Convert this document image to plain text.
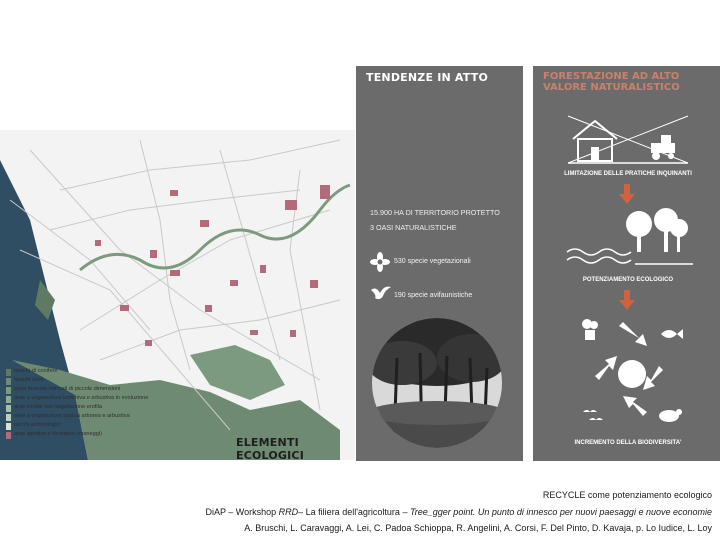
boschi di conifere
boschi misti
zone boscate naturali di piccole dimensioni
aree a vegetazione boschiva e arbustiva in evoluzione
aree incolte con vegetazione erofila
aree a vegetazione sparsa arborea e arbustiva
parchi archeologici
aree sportive e ricreative (maneggi)
ELEMENTI ECOLOGICI
TENDENZE IN ATTO
15.900 HA DI TERRITORIO PROTETTO
3 OASI NATURALISTICHE
530 specie vegetazionali
190 specie avifaunistiche
FORESTAZIONE AD ALTO VALORE NATURALISTICO
LIMITAZIONE DELLE PRATICHE INQUINANTI
POTENZIAMENTO ECOLOGICO
INCREMENTO DELLA BIODIVERSITA'
RECYCLE come potenziamento ecologico
DiAP – Workshop RRD– La filiera dell'agricoltura – Tree_gger point. Un punto di innesco per nuovi paesaggi e nuove economie
A. Bruschi, L. Caravaggi, A. Lei, C. Padoa Schioppa, R. Angelini, A. Corsi, F. Del Pinto, D. Kavaja, p. Lo Iudice, L. Loy
